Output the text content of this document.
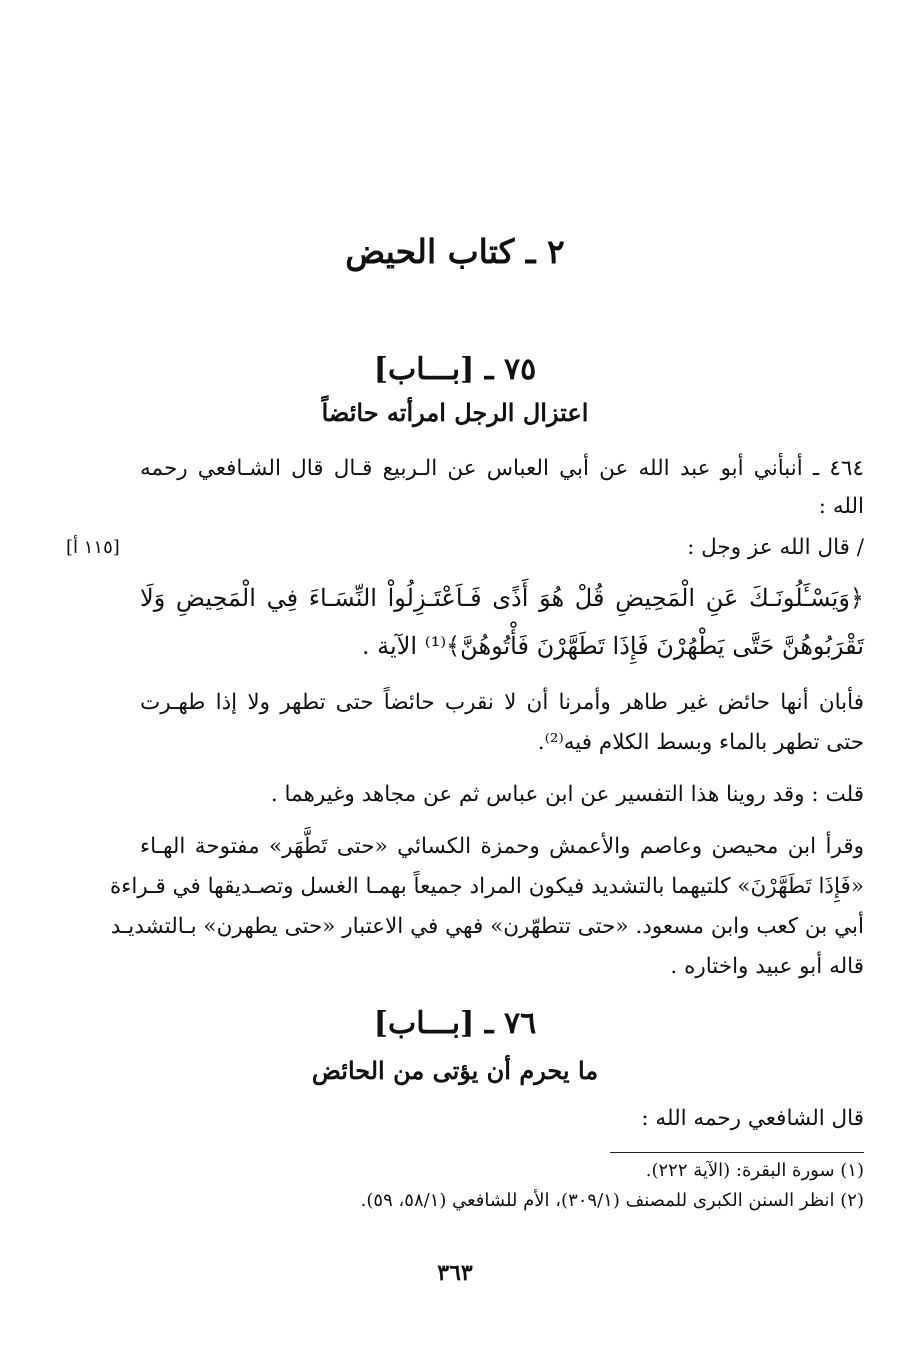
٢ ـ كتاب الحيض
٧٥ ـ [بـــاب]
اعتزال الرجل امرأته حائضاً
٤٦٤ ـ أنبأني أبو عبد الله عن أبي العباس عن الـربيع قـال قال الشـافعي رحمه
الله :
/ قال الله عز وجل :
[١١٥ أ]
﴿وَيَسْـَٔلُونَـكَ عَنِ الْمَحِيضِ قُلْ هُوَ أَذًى فَـاَعْتَـزِلُواْ النِّسَـاءَ فِي الْمَحِيضِ وَلَا
تَقْرَبُوهُنَّ حَتَّى يَطْهُرْنَ فَإِذَا تَطَهَّرْنَ فَأْتُوهُنَّ﴾⁽¹⁾ الآية .
فأبان أنها حائض غير طاهر وأمرنا أن لا نقرب حائضاً حتى تطهر ولا إذا طهـرت
حتى تطهر بالماء وبسط الكلام فيه⁽²⁾.
قلت : وقد روينا هذا التفسير عن ابن عباس ثم عن مجاهد وغيرهما .
وقرأ ابن محيصن وعاصم والأعمش وحمزة الكسائي «حتى تَطَّهَر» مفتوحة الهـاء
«فَإِذَا تَطَهَّرْنَ» كلتيهما بالتشديد فيكون المراد جميعاً بهمـا الغسل وتصـديقها في قـراءة
أبي بن كعب وابن مسعود. «حتى تتطهّرن» فهي في الاعتبار «حتى يطهرن» بـالتشديـد
قاله أبو عبيد واختاره .
٧٦ ـ [بـــاب]
ما يحرم أن يؤتى من الحائض
قال الشافعي رحمه الله :
(١) سورة البقرة: (الآية ٢٢٢).
(٢) انظر السنن الكبرى للمصنف (٣٠٩/١)، الأم للشافعي (٥٨/١، ٥٩).
٣٦٣
